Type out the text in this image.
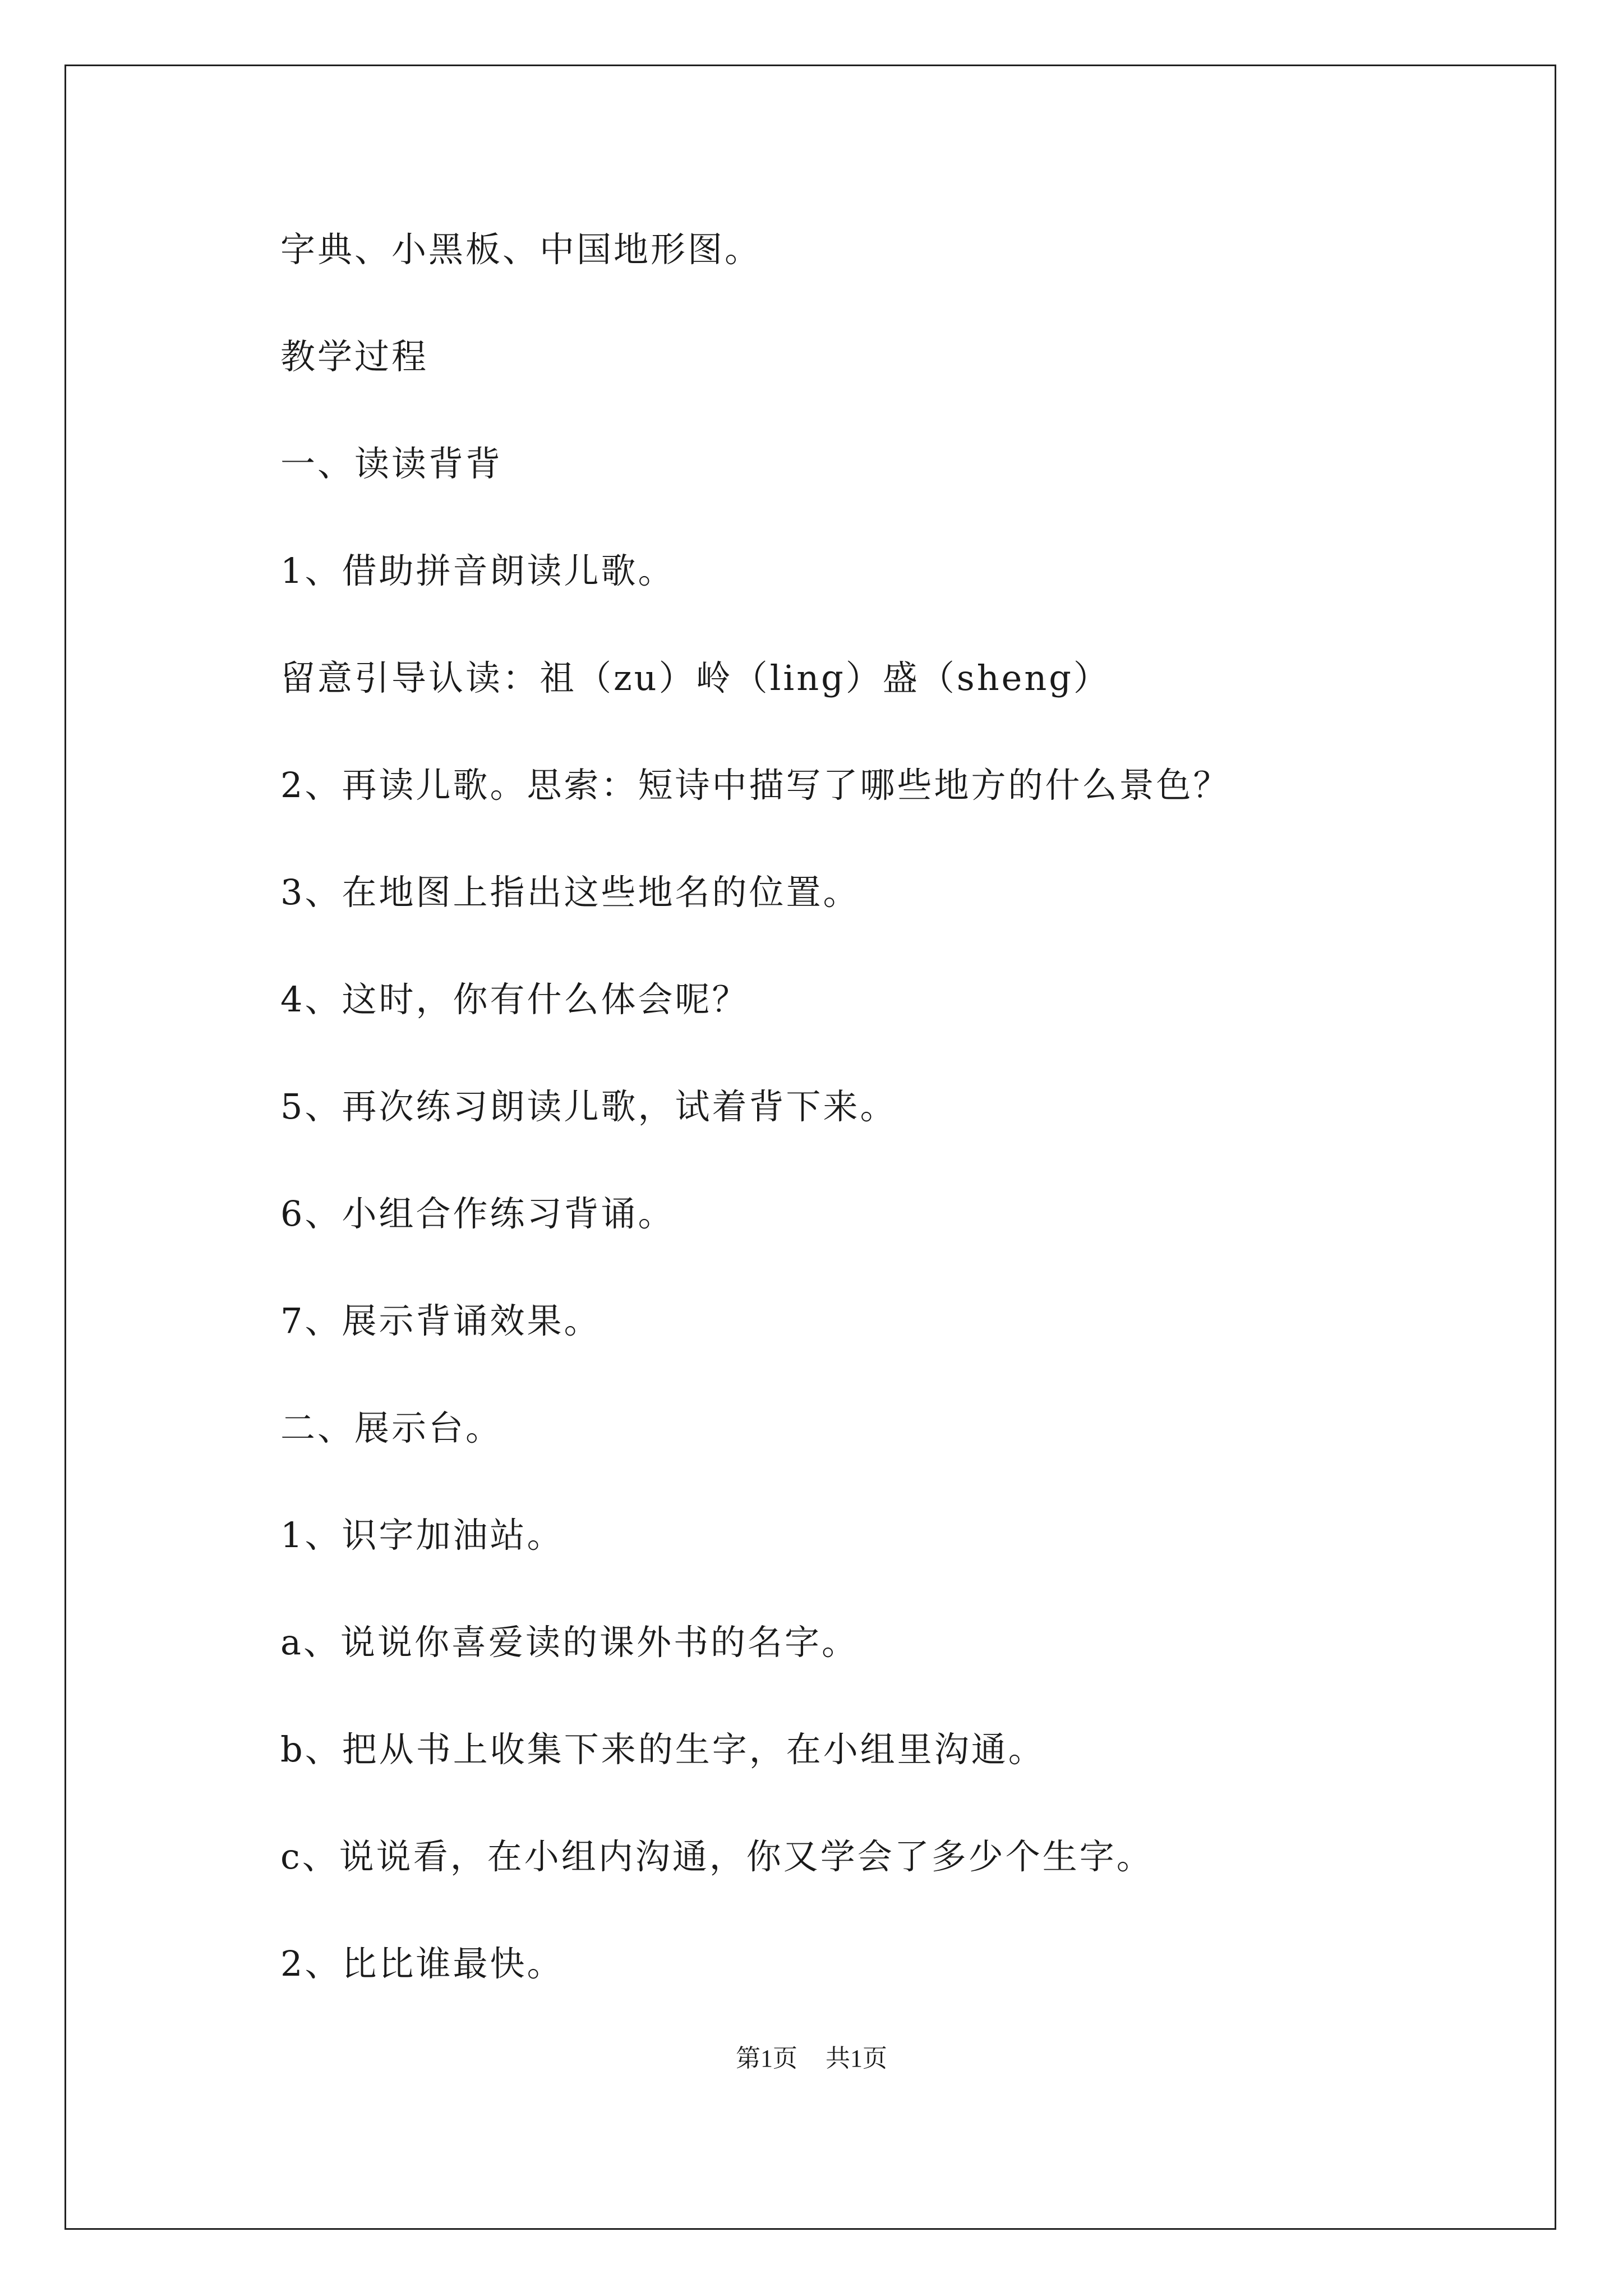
字典、小黑板、中国地形图。
教学过程
一、读读背背
1、借助拼音朗读儿歌。
留意引导认读：祖（zu）岭（ling）盛（sheng）
2、再读儿歌。思索：短诗中描写了哪些地方的什么景色？
3、在地图上指出这些地名的位置。
4、这时，你有什么体会呢？
5、再次练习朗读儿歌，试着背下来。
6、小组合作练习背诵。
7、展示背诵效果。
二、展示台。
1、识字加油站。
a、说说你喜爱读的课外书的名字。
b、把从书上收集下来的生字，在小组里沟通。
c、说说看，在小组内沟通，你又学会了多少个生字。
2、比比谁最快。
第1页 共1页
